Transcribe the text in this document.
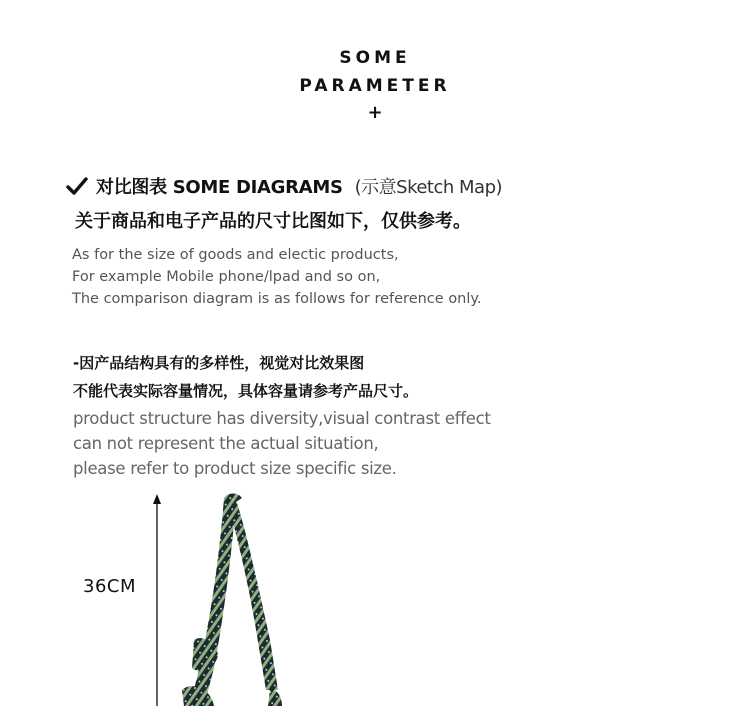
SOME
PARAMETER
+
对比图表 SOME DIAGRAMS (示意Sketch Map)
关于商品和电子产品的尺寸比图如下，仅供参考。
As for the size of goods and electic products,
For example Mobile phone/lpad and so on,
The comparison diagram is as follows for reference only.
-因产品结构具有的多样性，视觉对比效果图
不能代表实际容量情况，具体容量请参考产品尺寸。
product structure has diversity,visual contrast effect
can not represent the actual situation,
please refer to product size specific size.
36CM
